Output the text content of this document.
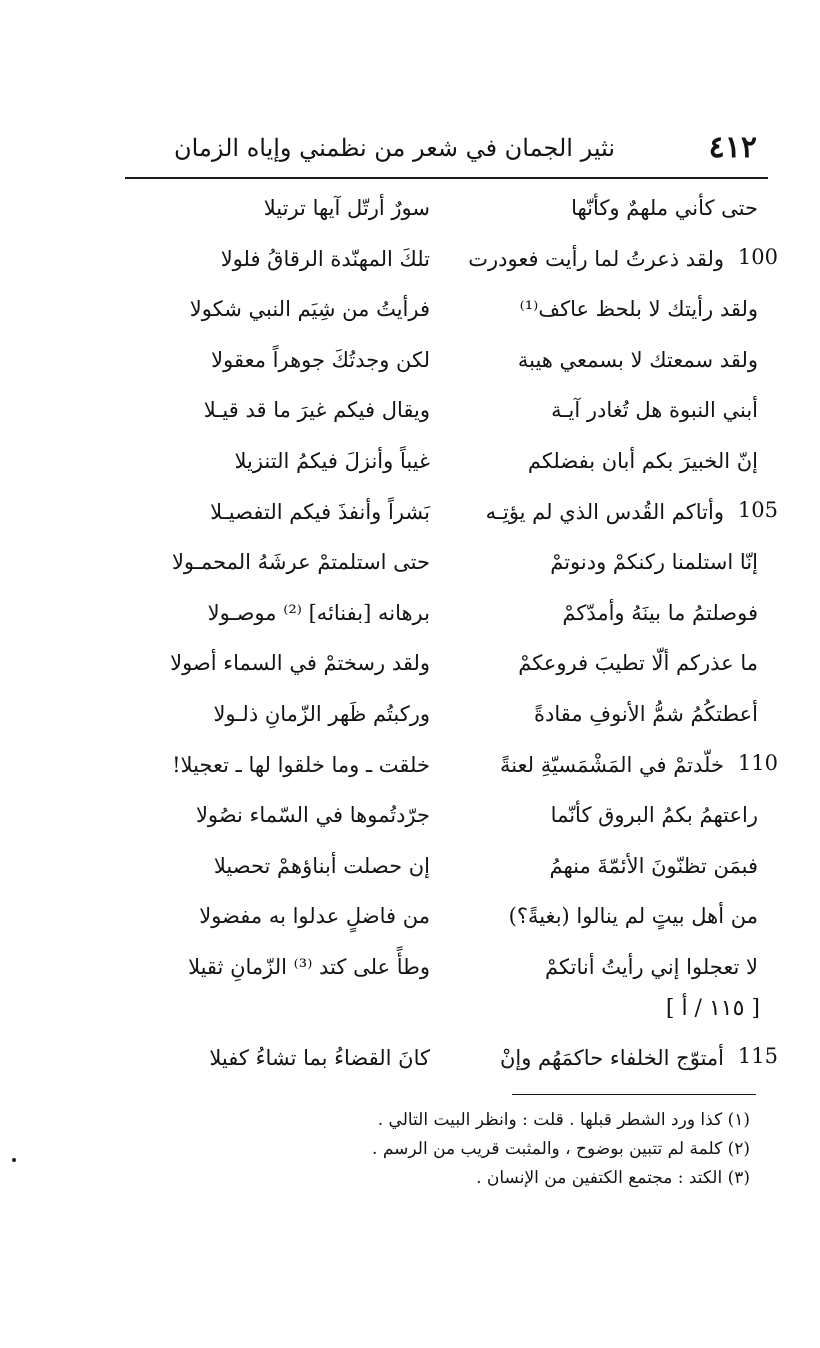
٤١٢
نثير الجمان في شعر من نظمني وإياه الزمان
حتى كأني ملهمٌ وكأنّها
سورٌ أرتّل آيها ترتيلا
100
ولقد ذعرتُ لما رأيت فعودرت
تلكَ المهنّدة الرقاقُ فلولا
ولقد رأيتك لا بلحظ عاكف⁽¹⁾
فرأيتُ من شِيَم النبي شكولا
ولقد سمعتك لا بسمعي هيبة
لكن وجدتُكَ جوهراً معقولا
أبني النبوة هل تُغادر آيـة
ويقال فيكم غيرَ ما قد قيـلا
إنّ الخبيرَ بكم أبان بفضلكم
غيباً وأنزلَ فيكمُ التنزيلا
105
وأتاكم القُدس الذي لم يؤتِـه
بَشراً وأنفذَ فيكم التفصيـلا
إنّا استلمنا ركنكمْ ودنوتمْ
حتى استلمتمْ عرشَهُ المحمـولا
فوصلتمُ ما بينَهُ وأمدّكمْ
برهانه [بفنائه] ⁽²⁾ موصـولا
ما عذركم ألّا تطيبَ فروعكمْ
ولقد رسختمْ في السماء أصولا
أعطتكُمُ شمُّ الأنوفِ مقادةً
وركبتُم ظَهر الزّمانِ ذلـولا
110
خلّدتمْ في المَشْمَسيّةِ لعنةً
خلقت ـ وما خلقوا لها ـ تعجيلا!
راعتهمُ بكمُ البروق كأنّما
جرّدتُموها في السّماء نصُولا
فبمَن تظنّونَ الأئمّةَ منهمُ
إن حصلت أبناؤهمْ تحصيلا
من أهل بيتٍ لم ينالوا (بغيةً؟)
من فاضلٍ عدلوا به مفضولا
لا تعجلوا إني رأيتُ أناتكمْ
وطأً على كتد ⁽³⁾ الزّمانِ ثقيلا
[ ١١٥ / أ ]
115
أمتوّج الخلفاء حاكمَهُم وإنْ
كانَ القضاءُ بما تشاءُ كفيلا
(١) كذا ورد الشطر قبلها . قلت : وانظر البيت التالي .
(٢) كلمة لم تتبين بوضوح ، والمثبت قريب من الرسم .
(٣) الكتد : مجتمع الكتفين من الإنسان .
